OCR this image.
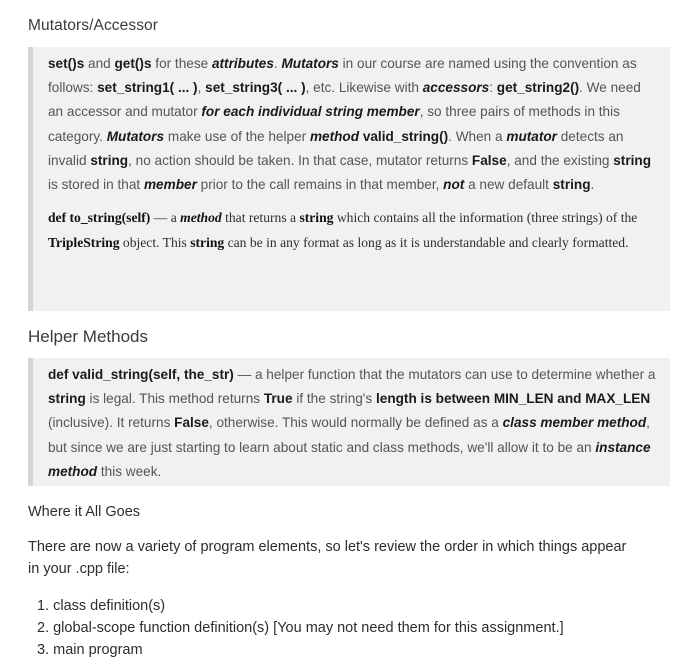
Mutators/Accessor

set()s and get()s for these attributes. Mutators in our course are named using the convention as follows: set_string1( ... ), set_string3( ... ), etc. Likewise with accessors: get_string2(). We need an accessor and mutator for each individual string member, so three pairs of methods in this category. Mutators make use of the helper method valid_string(). When a mutator detects an invalid string, no action should be taken. In that case, mutator returns False, and the existing string is stored in that member prior to the call remains in that member, not a new default string.

def to_string(self) — a method that returns a string which contains all the information (three strings) of the TripleString object. This string can be in any format as long as it is understandable and clearly formatted.

Helper Methods

def valid_string(self, the_str) — a helper function that the mutators can use to determine whether a string is legal. This method returns True if the string's length is between MIN_LEN and MAX_LEN (inclusive). It returns False, otherwise. This would normally be defined as a class member method, but since we are just starting to learn about static and class methods, we'll allow it to be an instance method this week.

Where it All Goes

There are now a variety of program elements, so let's review the order in which things appear in your .cpp file:

1. class definition(s)
2. global-scope function definition(s) [You may not need them for this assignment.]
3. main program
